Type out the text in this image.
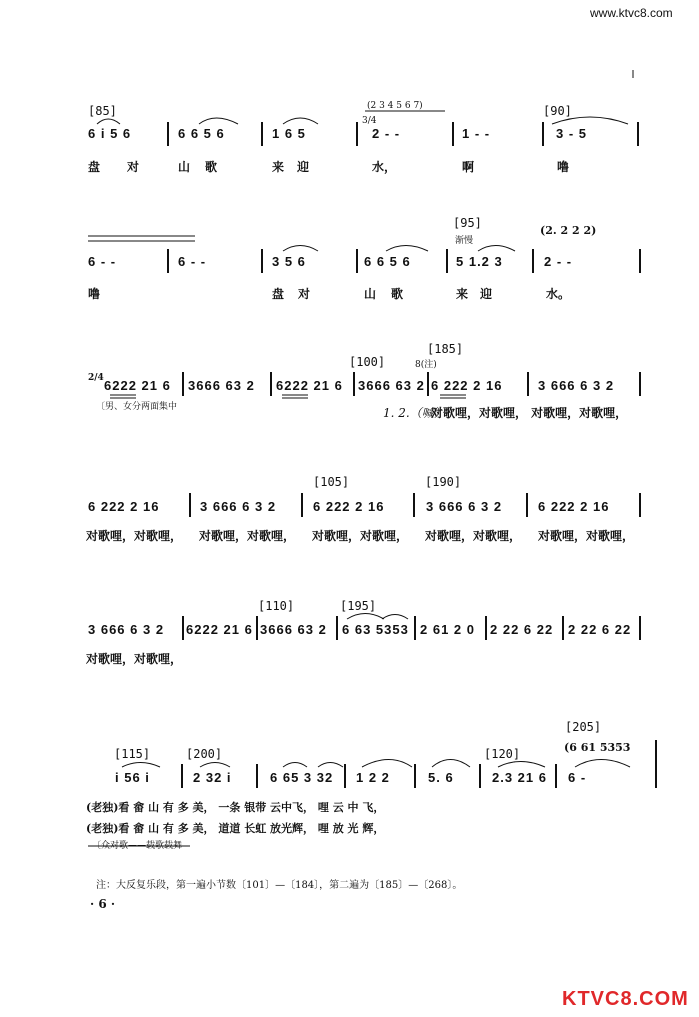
www.ktvc8.com
[85]	[90]
(2 3 4 5 6 7)
3/4
6 i 5 6	6 6 5 6	1 6 5	2 - -	1 - -	3 - 5
盘 对	山 歌	来 迎	水，	啊	噜
[95]
渐慢
(2. 2 2 2)
6 - -	6 - -	3 5 6	6 6 5 6	5 1.2 3	2 - -
噜	盘 对	山 歌	来 迎	水。
[100]
[185]
8(注)
2/4 6222 21 6 3666 63 2 6222 21 6 3666 63 2 6 222 2 16	3 666 6 3 2
〔男、女分两面集中	1. 2.（喊）
对歌哩，对歌哩， 对歌哩，对歌哩，
[105]	[190]
6 222 2 16	3 666 6 3 2	6 222 2 16	3 666 6 3 2	6 222 2 16
对歌哩，对歌哩， 对歌哩，对歌哩， 对歌哩，对歌哩， 对歌哩，对歌哩， 对歌哩，对歌哩，
[110]	[195]
3 666 6 3 2 6222 21 6 3666 63 2 6 63 5353 2 61 2 0 2 22 6 22 2 22 6 22
对歌哩，对歌哩，
[115]	[200]	[120]
[205]
(6 61 5353
i 56 i	2 32 i	6 65 3 32 1 2 2	5. 6	2.3 21 6 6 -
(老独)看 畲 山 有 多 美， 一条 银带 云中飞， 哩 云 中 飞，
(老独)看 畲 山 有 多 美， 道道 长虹 放光辉， 哩 放 光 辉，
〔众对歌——载歌载舞
注：大反复乐段，第一遍小节数〔101〕—〔184〕，第二遍为〔185〕—〔268〕。
· 6 ·
KTVC8.COM
